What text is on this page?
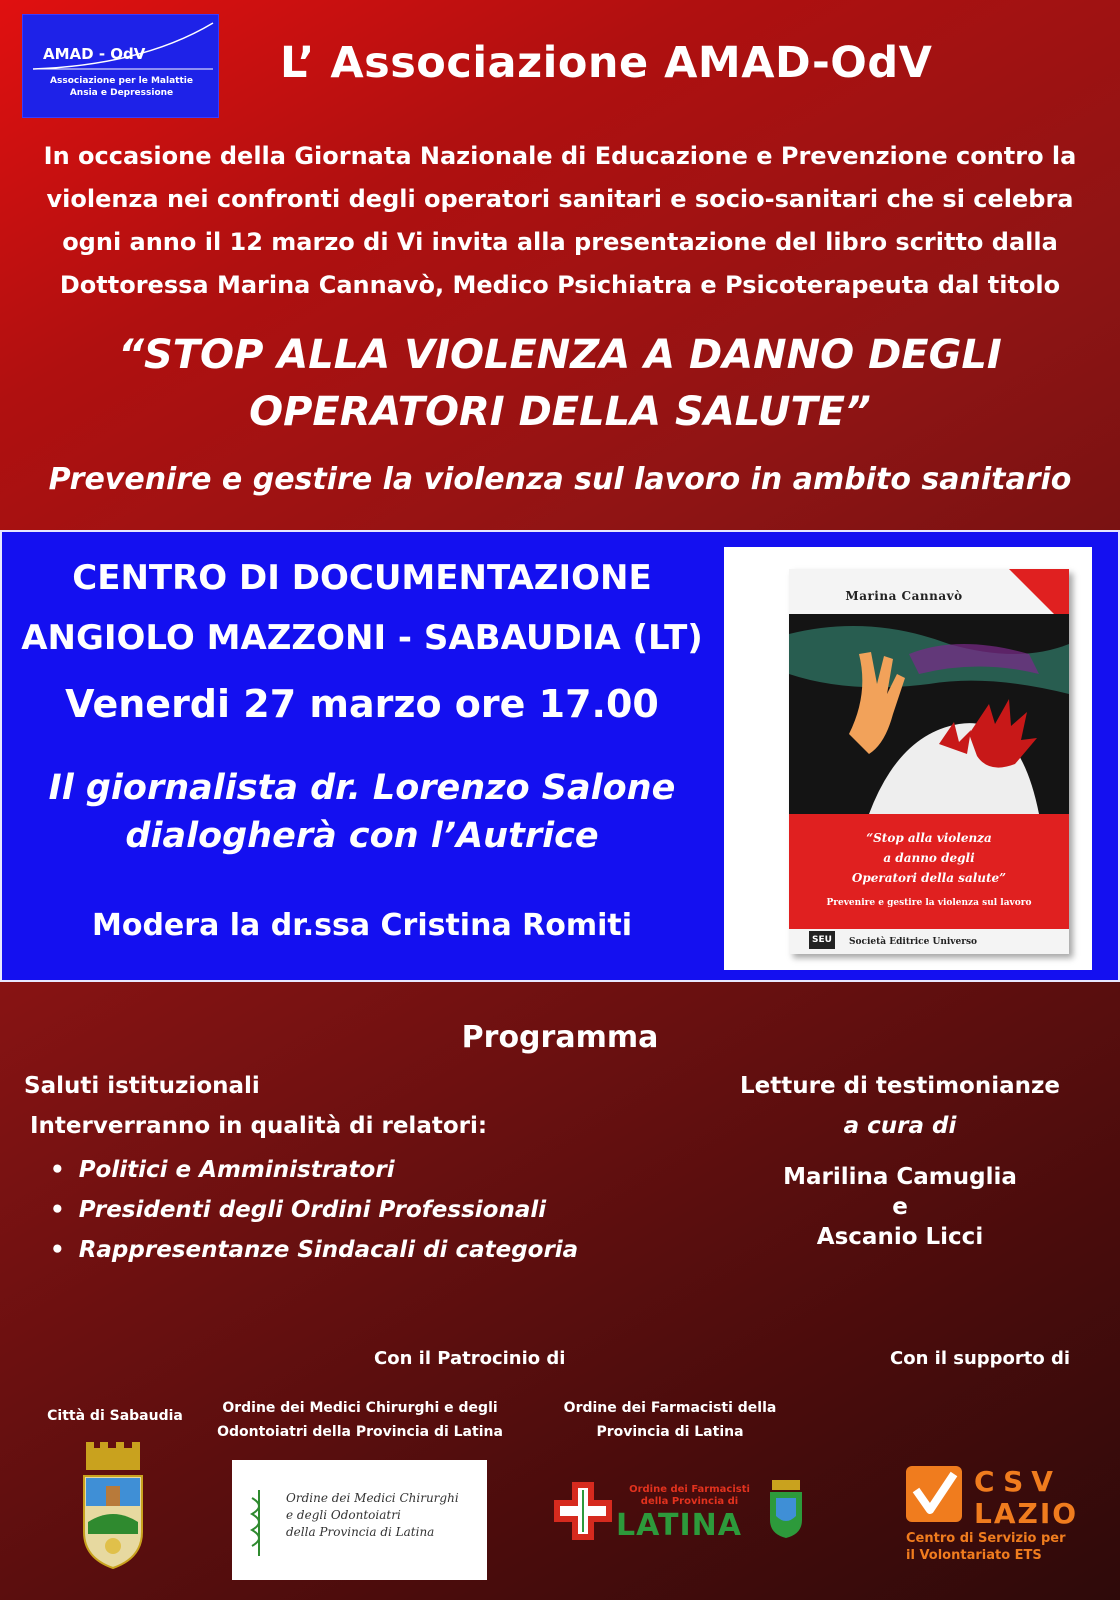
AMAD - OdV
Associazione per le Malattie
Ansia e Depressione
L’ Associazione AMAD-OdV
In occasione della Giornata Nazionale di Educazione e Prevenzione contro la
violenza nei confronti degli operatori sanitari e socio-sanitari che si celebra
ogni anno il 12 marzo di Vi invita alla presentazione del libro scritto dalla
Dottoressa Marina Cannavò, Medico Psichiatra e Psicoterapeuta dal titolo
“STOP ALLA VIOLENZA A DANNO DEGLI
OPERATORI DELLA SALUTE”
Prevenire e gestire la violenza sul lavoro in ambito sanitario
CENTRO DI DOCUMENTAZIONE
ANGIOLO MAZZONI - SABAUDIA (LT)
Venerdi 27 marzo ore 17.00
Il giornalista dr. Lorenzo Salone
dialogherà con l’Autrice
Modera la dr.ssa Cristina Romiti
Marina Cannavò
“Stop alla violenza
a danno degli
Operatori della salute”
Prevenire e gestire la violenza sul lavoro
SEU	Società Editrice Universo
Programma
Saluti istituzionali
Interverranno in qualità di relatori:
• Politici e Amministratori
• Presidenti degli Ordini Professionali
• Rappresentanze Sindacali di categoria
Letture di testimonianze
a cura di
Marilina Camuglia
e
Ascanio Licci
Con il Patrocinio di	Con il supporto di
Città di Sabaudia	Ordine dei Medici Chirurghi e degli
Odontoiatri della Provincia di Latina
Ordine dei Farmacisti della
Provincia di Latina
Ordine dei Medici Chirurghi
e degli Odontoiatri
della Provincia di Latina
Ordine dei Farmacisti
della Provincia di
LATINA
CSV
LAZIO
Centro di Servizio per
il Volontariato ETS
